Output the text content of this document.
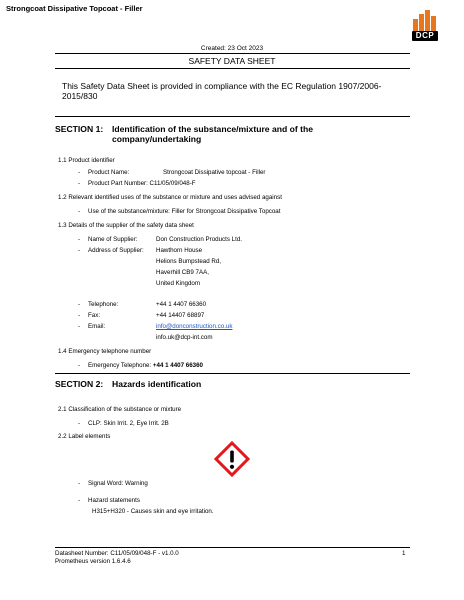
Strongcoat Dissipative Topcoat - Filler
DCP
Created: 23 Oct 2023
SAFETY DATA SHEET
This Safety Data Sheet is provided in compliance with the EC Regulation 1907/2006-2015/830
SECTION 1: Identification of the substance/mixture and of the company/undertaking
1.1 Product identifier
- Product Name:	Strongcoat Dissipative topcoat - Filler
- Product Part Number: C11/05/09/048-F
1.2 Relevant identified uses of the substance or mixture and uses advised against
- Use of the substance/mixture: Filler for Strongcoat Dissipative Topcoat
1.3 Details of the supplier of the safety data sheet
- Name of Supplier:	Don Construction Products Ltd.
- Address of Supplier: Hawthorn House
Helions Bumpstead Rd,
Haverhill CB9 7AA,
United Kingdom
- Telephone:	+44 1 4407 66360
- Fax:	+44 14407 68897
- Email:	info@donconstruction.co.uk
info.uk@dcp-int.com
1.4 Emergency telephone number
- Emergency Telephone: +44 1 4407 66360
SECTION 2: Hazards identification
2.1 Classification of the substance or mixture
- CLP: Skin Irrit. 2, Eye Irrit. 2B
2.2 Label elements
- Signal Word: Warning
- Hazard statements
H315+H320 - Causes skin and eye irritation.
Datasheet Number: C11/05/09/048-F - v1.0.0
Prometheus version 1.6.4.6
1
